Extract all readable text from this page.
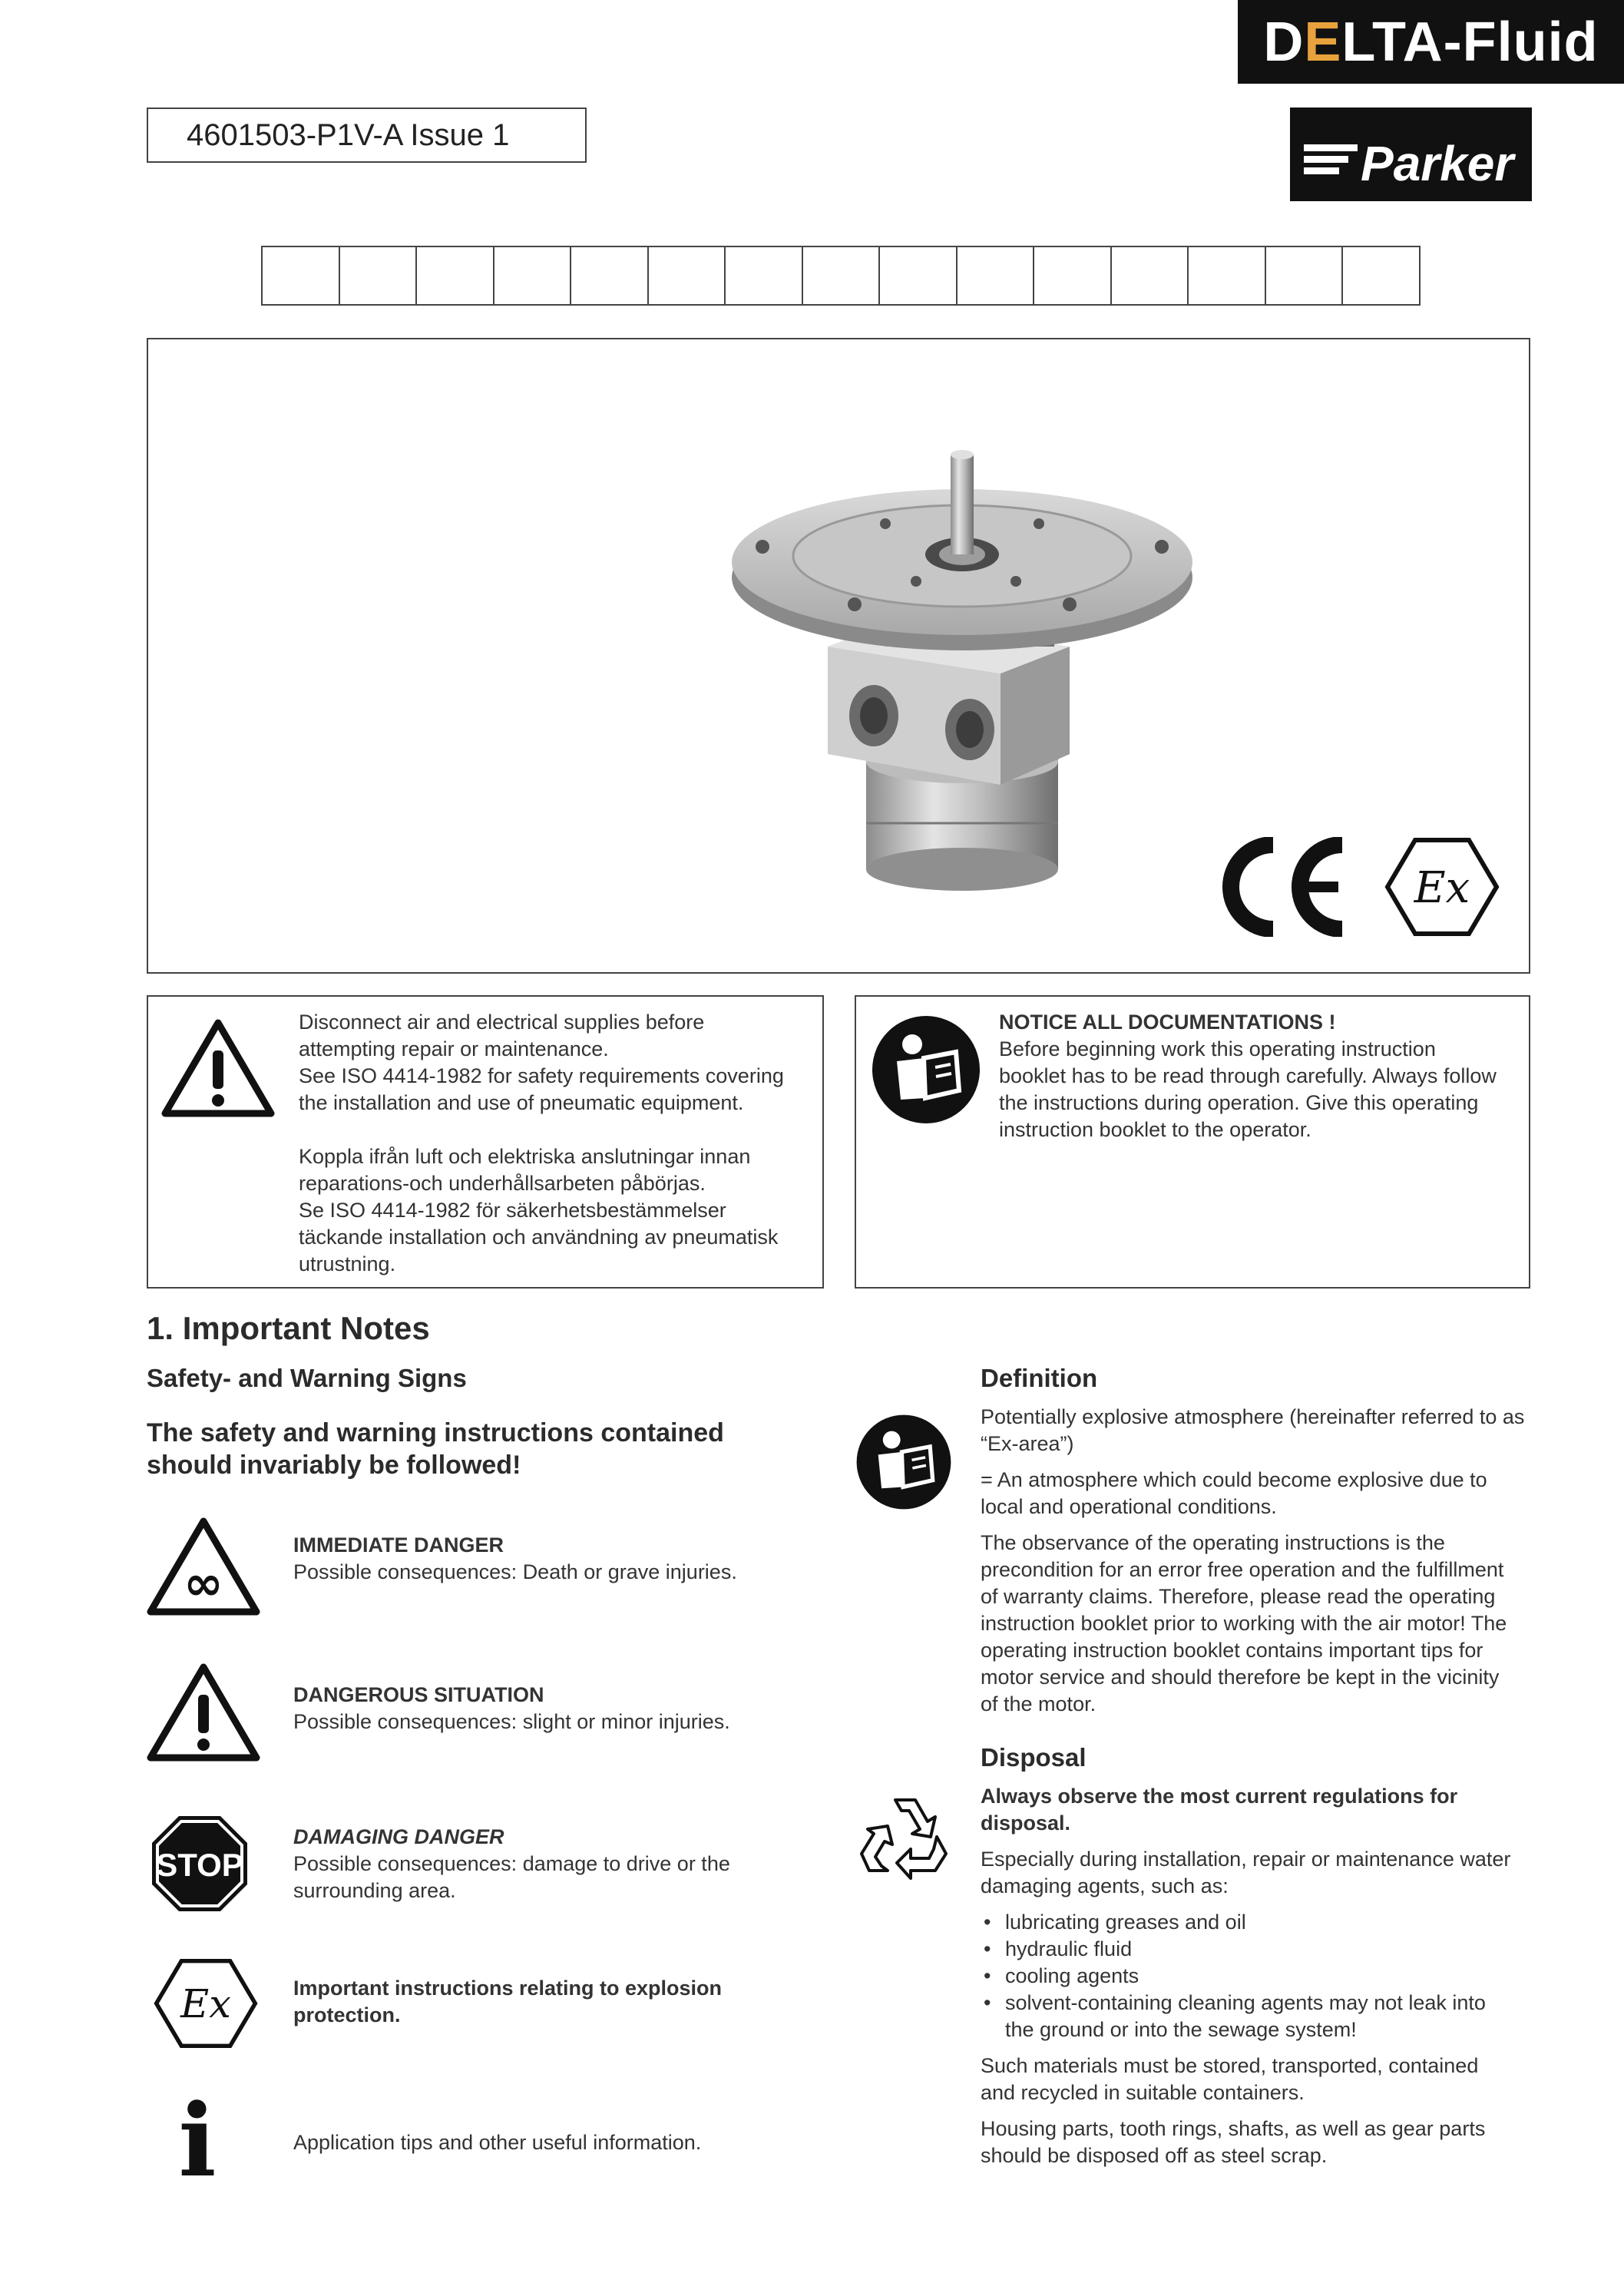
D E LTA-Fluid
Parker
4601503-P1V-A Issue 1
Ex
Disconnect air and electrical supplies before
attempting repair or maintenance.
See ISO 4414-1982 for safety requirements covering
the installation and use of pneumatic equipment.
Koppla ifrån luft och elektriska anslutningar innan
reparations-och underhållsarbeten påbörjas.
Se ISO 4414-1982 för säkerhetsbestämmelser
täckande installation och användning av pneumatisk
utrustning.
NOTICE ALL DOCUMENTATIONS !
Before beginning work this operating instruction
booklet has to be read through carefully. Always follow
the instructions during operation. Give this operating
instruction booklet to the operator.
1. Important Notes
Safety- and Warning Signs
The safety and warning instructions contained
should invariably be followed!
∞
IMMEDIATE DANGER
Possible consequences: Death or grave injuries.
DANGEROUS SITUATION
Possible consequences: slight or minor injuries.
STOP
DAMAGING DANGER
Possible consequences: damage to drive or the
surrounding area.
Ex	Important instructions relating to explosion
protection.
i	Application tips and other useful information.
Definition
Potentially explosive atmosphere (hereinafter referred to as
“Ex-area”)
= An atmosphere which could become explosive due to
local and operational conditions.
The observance of the operating instructions is the
precondition for an error free operation and the fulfillment
of warranty claims. Therefore, please read the operating
instruction booklet prior to working with the air motor! The
operating instruction booklet contains important tips for
motor service and should therefore be kept in the vicinity
of the motor.
Disposal
Always observe the most current regulations for
disposal.
Especially during installation, repair or maintenance water
damaging agents, such as:
• lubricating greases and oil
• hydraulic fluid
• cooling agents
• solvent-containing cleaning agents may not leak into
the ground or into the sewage system!
Such materials must be stored, transported, contained
and recycled in suitable containers.
Housing parts, tooth rings, shafts, as well as gear parts
should be disposed off as steel scrap.
